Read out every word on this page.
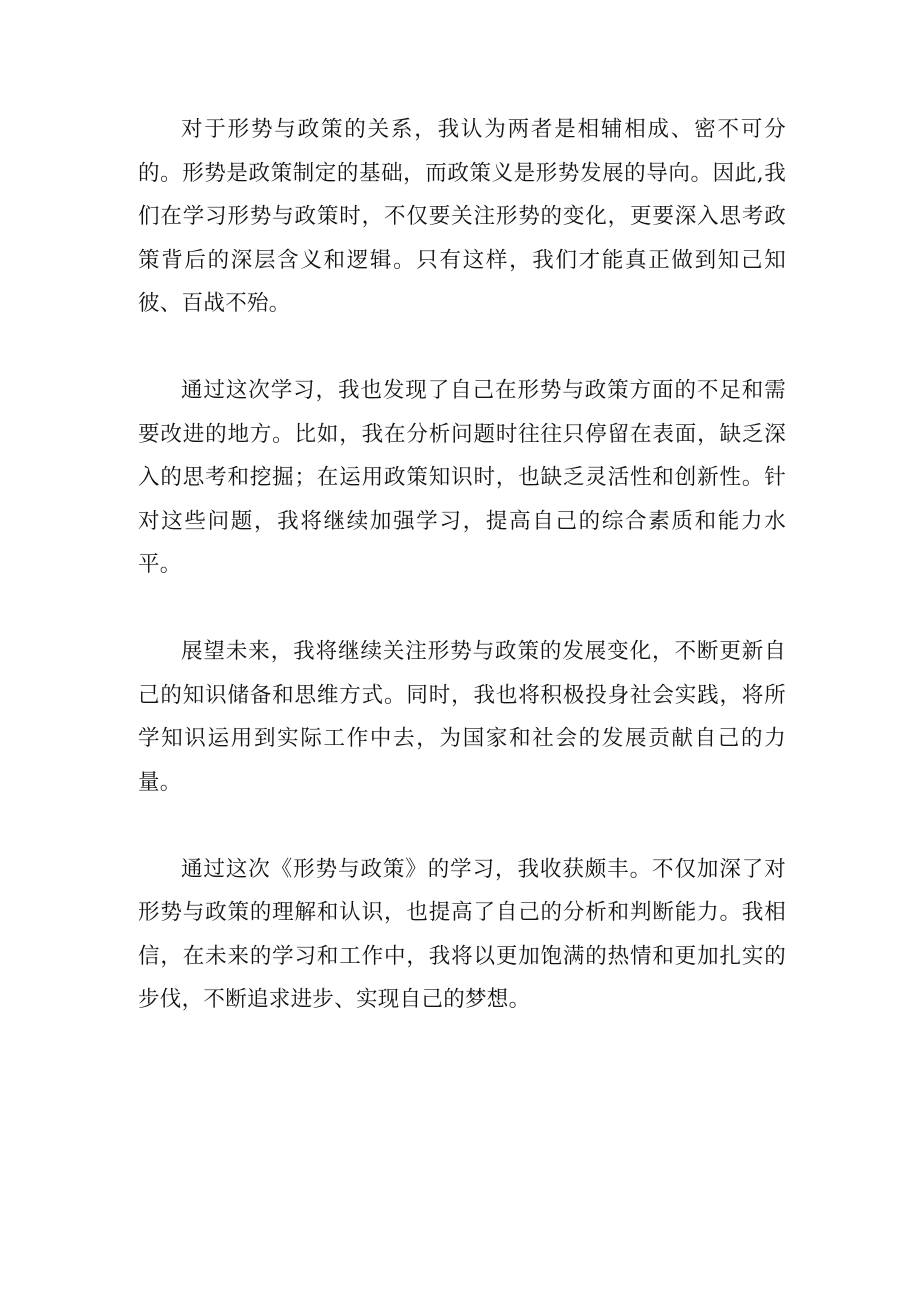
对于形势与政策的关系，我认为两者是相辅相成、密不可分的。形势是政策制定的基础，而政策义是形势发展的导向。因此,我们在学习形势与政策时，不仅要关注形势的变化，更要深入思考政策背后的深层含义和逻辑。只有这样，我们才能真正做到知己知彼、百战不殆。

通过这次学习，我也发现了自己在形势与政策方面的不足和需要改进的地方。比如，我在分析问题时往往只停留在表面，缺乏深入的思考和挖掘；在运用政策知识时，也缺乏灵活性和创新性。针对这些问题，我将继续加强学习，提高自己的综合素质和能力水平。

展望未来，我将继续关注形势与政策的发展变化，不断更新自己的知识储备和思维方式。同时，我也将积极投身社会实践，将所学知识运用到实际工作中去，为国家和社会的发展贡献自己的力量。

通过这次《形势与政策》的学习，我收获颇丰。不仅加深了对形势与政策的理解和认识，也提高了自己的分析和判断能力。我相信，在未来的学习和工作中，我将以更加饱满的热情和更加扎实的步伐，不断追求进步、实现自己的梦想。
